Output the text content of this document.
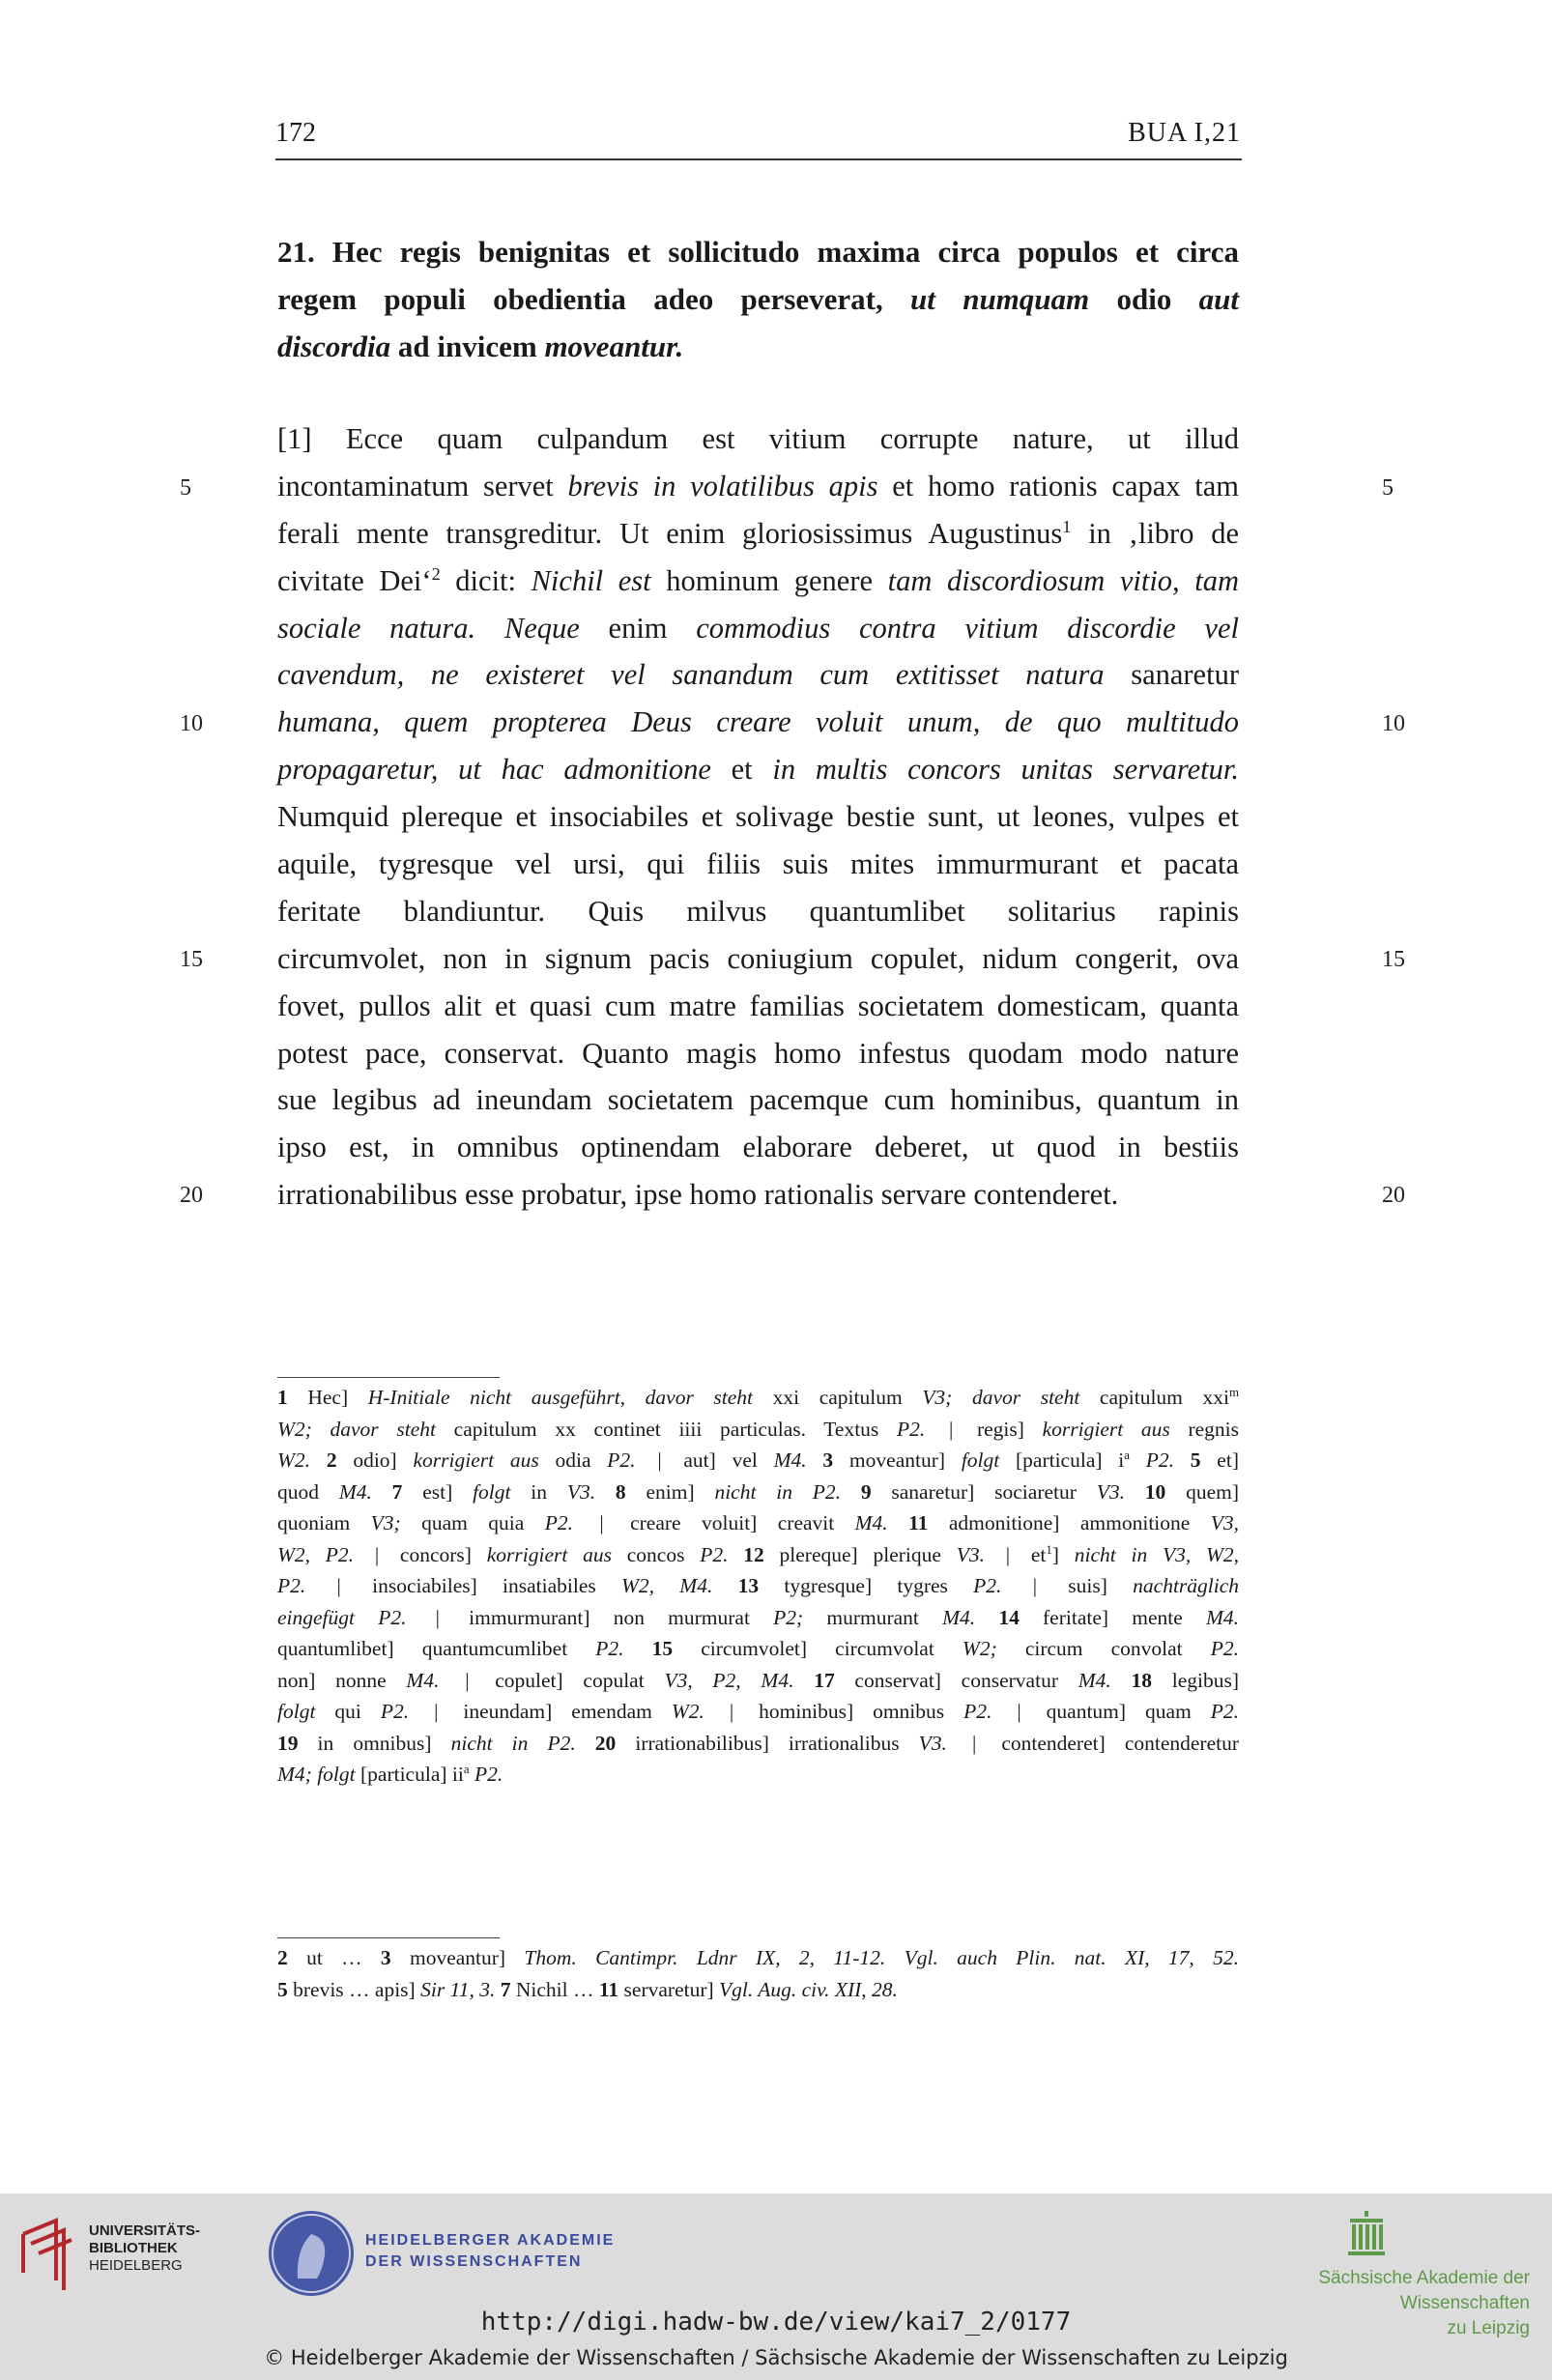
172	BUA I,21
21. Hec regis benignitas et sollicitudo maxima circa populos et circa
regem populi obedientia adeo perseverat, ut numquam odio aut
discordia ad invicem moveantur.
[1] Ecce quam culpandum est vitium corrupte nature, ut illud
incontaminatum servet brevis in volatilibus apis et homo rationis capax tam
ferali mente transgreditur. Ut enim gloriosissimus Augustinus$^1$ in ‚libro de
civitate Dei‘$^2$ dicit: Nichil est hominum genere tam discordiosum vitio, tam
sociale natura. Neque enim commodius contra vitium discordie vel
cavendum, ne existeret vel sanandum cum extitisset natura sanaretur
humana, quem propterea Deus creare voluit unum, de quo multitudo
propagaretur, ut hac admonitione et in multis concors unitas servaretur.
Numquid plereque et insociabiles et solivage bestie sunt, ut leones, vulpes et
aquile, tygresque vel ursi, qui filiis suis mites immurmurant et pacata
feritate blandiuntur. Quis milvus quantumlibet solitarius rapinis
circumvolet, non in signum pacis coniugium copulet, nidum congerit, ova
fovet, pullos alit et quasi cum matre familias societatem domesticam, quanta
potest pace, conservat. Quanto magis homo infestus quodam modo nature
sue legibus ad ineundam societatem pacemque cum hominibus, quantum in
ipso est, in omnibus optinendam elaborare deberet, ut quod in bestiis
irrationabilibus esse probatur, ipse homo rationalis servare contenderet.
5	5
10	10
15	15
20	20
1 Hec] H-Initiale nicht ausgeführt, davor steht xxi capitulum V3; davor steht capitulum xxi$^m$
W2; davor steht capitulum xx continet iiii particulas. Textus P2. | regis] korrigiert aus regnis
W2. 2 odio] korrigiert aus odia P2. | aut] vel M4. 3 moveantur] folgt [particula] $i^a$ P2. 5 et]
quod M4. 7 est] folgt in V3. 8 enim] nicht in P2. 9 sanaretur] sociaretur V3. 10 quem]
quoniam V3; quam quia P2. | creare voluit] creavit M4. 11 admonitione] ammonitione V3,
W2, P2. | concors] korrigiert aus concos P2. 12 plereque] plerique V3. | $et^1$] nicht in V3, W2,
P2. | insociabiles] insatiabiles W2, M4. 13 tygresque] tygres P2. | suis] nachträglich
eingefügt P2. | immurmurant] non murmurat P2; murmurant M4. 14 feritate] mente M4.
quantumlibet] quantumcumlibet P2. 15 circumvolet] circumvolat W2; circum convolat P2.
non] nonne M4. | copulet] copulat V3, P2, M4. 17 conservat] conservatur M4. 18 legibus]
folgt qui P2. | ineundam] emendam W2. | hominibus] omnibus P2. | quantum] quam P2.
19 in omnibus] nicht in P2. 20 irrationabilibus] irrationalibus V3. | contenderet] contenderetur
M4; folgt [particula] $ii^a$ P2.
2 ut … 3 moveantur] Thom. Cantimpr. Ldnr IX, 2, 11-12. Vgl. auch Plin. nat. XI, 17, 52.
5 brevis … apis] Sir 11, 3. 7 Nichil … 11 servaretur] Vgl. Aug. civ. XII, 28.
UNIVERSITÄTS-
BIBLIOTHEK
HEIDELBERG
HEIDELBERGER AKADEMIE
DER WISSENSCHAFTEN
Sächsische Akademie der Wissenschaften
zu Leipzig
http://digi.hadw-bw.de/view/kai7_2/0177
© Heidelberger Akademie der Wissenschaften / Sächsische Akademie der Wissenschaften zu Leipzig
